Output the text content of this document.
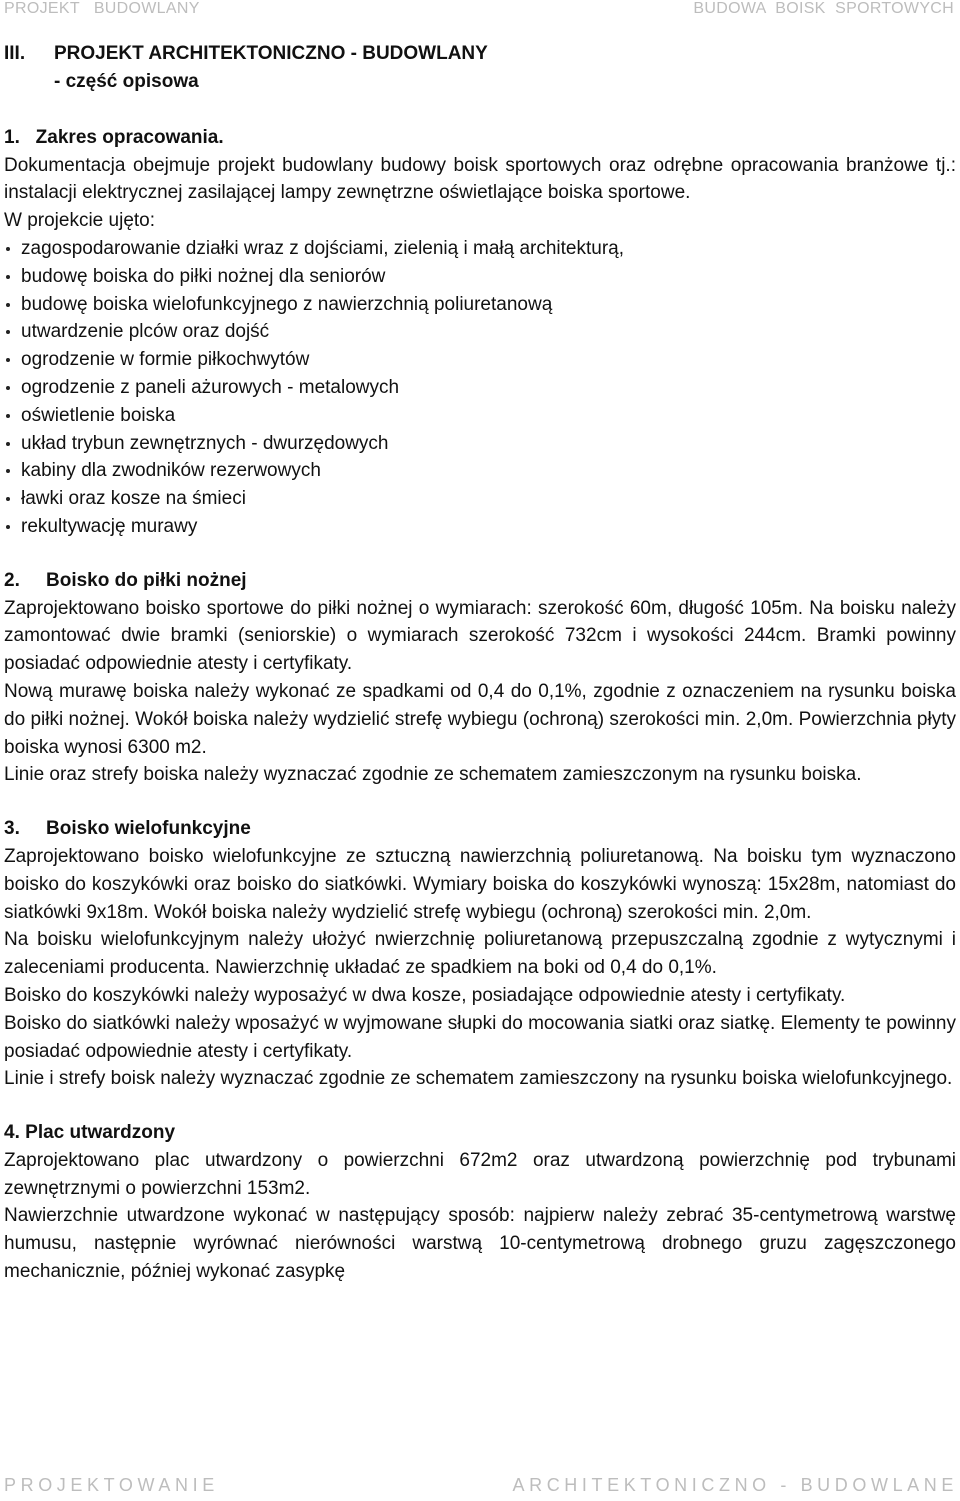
PROJEKT   BUDOWLANY	BUDOWA  BOISK  SPORTOWYCH
III. PROJEKT ARCHITEKTONICZNO - BUDOWLANY
- część opisowa
1.   Zakres opracowania.

Dokumentacja obejmuje projekt budowlany budowy boisk sportowych oraz odrębne opracowania branżowe tj.: instalacji elektrycznej zasilającej lampy zewnętrzne oświetlające boiska sportowe.

W projekcie ujęto:

zagospodarowanie działki wraz z dojściami, zielenią i małą architekturą,
budowę boiska do piłki nożnej dla seniorów
budowę boiska wielofunkcyjnego z nawierzchnią poliuretanową
utwardzenie plców oraz dojść
ogrodzenie w formie piłkochwytów
ogrodzenie z paneli ażurowych - metalowych
oświetlenie boiska
układ trybun zewnętrznych - dwurzędowych
kabiny dla zwodników rezerwowych
ławki oraz kosze na śmieci
rekultywację murawy
2. Boisko do piłki nożnej

Zaprojektowano boisko sportowe do piłki nożnej o wymiarach: szerokość 60m, długość 105m. Na boisku należy zamontować dwie bramki (seniorskie) o wymiarach szerokość 732cm i wysokości 244cm. Bramki powinny posiadać odpowiednie atesty i certyfikaty.

Nową murawę boiska należy wykonać ze spadkami od 0,4 do 0,1%, zgodnie z oznaczeniem na rysunku boiska do piłki nożnej. Wokół boiska należy wydzielić strefę wybiegu (ochroną) szerokości min. 2,0m. Powierzchnia płyty boiska wynosi 6300 m2.

Linie oraz strefy boiska należy wyznaczać zgodnie ze schematem zamieszczonym na rysunku boiska.

3. Boisko wielofunkcyjne

Zaprojektowano boisko wielofunkcyjne ze sztuczną nawierzchnią poliuretanową. Na boisku tym wyznaczono boisko do koszykówki oraz boisko do siatkówki. Wymiary boiska do koszykówki wynoszą: 15x28m, natomiast do siatkówki 9x18m. Wokół boiska należy wydzielić strefę wybiegu (ochroną) szerokości min. 2,0m.

Na boisku wielofunkcyjnym należy ułożyć nwierzchnię poliuretanową przepuszczalną zgodnie z wytycznymi i zaleceniami producenta. Nawierzchnię układać ze spadkiem na boki od 0,4 do 0,1%.

Boisko do koszykówki należy wyposażyć w dwa kosze, posiadające odpowiednie atesty i certyfikaty.

Boisko do siatkówki należy wposażyć w wyjmowane słupki do mocowania siatki oraz siatkę. Elementy te powinny posiadać odpowiednie atesty i certyfikaty.

Linie i strefy boisk należy wyznaczać zgodnie ze schematem zamieszczony na rysunku boiska wielofunkcyjnego.

4. Plac utwardzony

Zaprojektowano plac utwardzony o powierzchni 672m2 oraz utwardzoną powierzchnię pod trybunami zewnętrznymi o powierzchni 153m2.

Nawierzchnie utwardzone wykonać w następujący sposób: najpierw należy zebrać 35-centymetrową warstwę humusu, następnie wyrównać nierówności warstwą 10-centymetrową drobnego gruzu zagęszczonego mechanicznie, później wykonać zasypkę

PROJEKTOWANIE	ARCHITEKTONICZNO - BUDOWLANE
